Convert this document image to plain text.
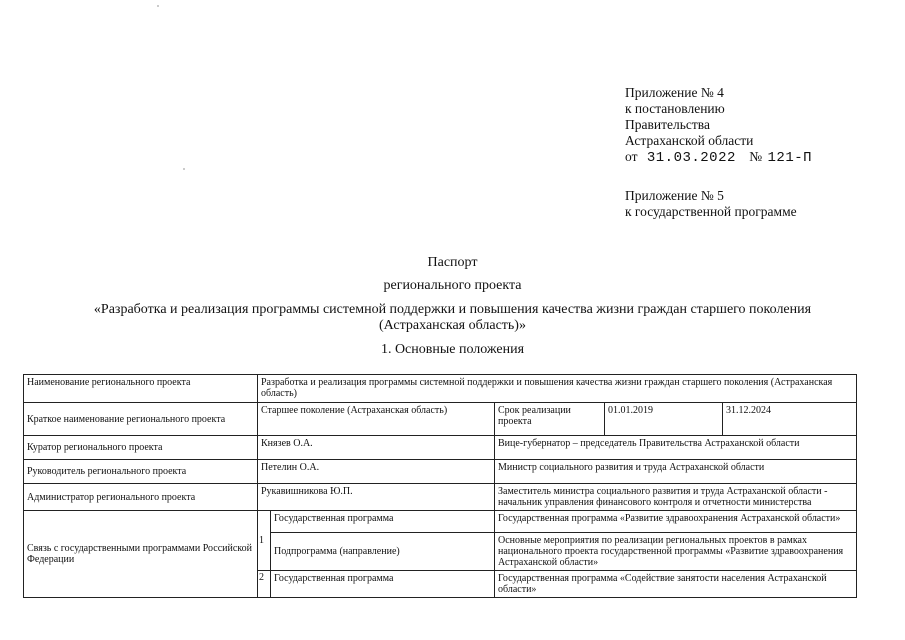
Приложение № 4
к постановлению
Правительства
Астраханской области
от 31.03.2022 № 121-П
Приложение № 5
к государственной программе
Паспорт
регионального проекта
«Разработка и реализация программы системной поддержки и повышения качества жизни граждан старшего поколения (Астраханская область)»
1. Основные положения
Наименование регионального проекта	Разработка и реализация программы системной поддержки и повышения качества жизни граждан старшего поколения (Астраханская область)				
Краткое наименование регионального проекта	Старшее поколение (Астраханская область)		Срок реализации проекта	01.01.2019	31.12.2024
Куратор регионального проекта	Князев О.А.		Вице-губернатор – председатель Правительства Астраханской области		
Руководитель регионального проекта	Петелин О.А.		Министр социального развития и труда Астраханской области		
Администратор регионального проекта	Рукавишникова Ю.П.		Заместитель министра социального развития и труда Астраханской области - начальник управления финансового контроля и отчетности министерства		
Связь с государственными программами Российской Федерации	1	Государственная программа	Государственная программа «Развитие здравоохранения Астраханской области»		
		Подпрограмма (направление)	Основные мероприятия по реализации региональных проектов в рамках национального проекта государственной программы «Развитие здравоохранения Астраханской области»		
	2	Государственная программа	Государственная программа «Содействие занятости населения Астраханской области»		
